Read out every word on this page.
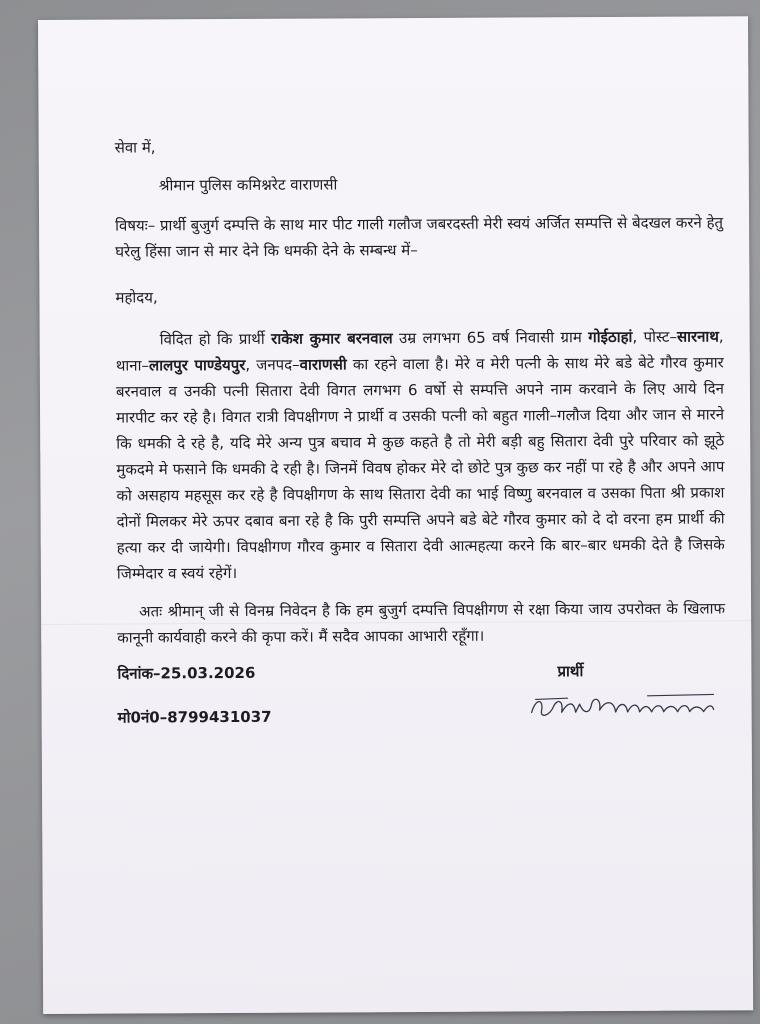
सेवा में,

श्रीमान पुलिस कमिश्नरेट वाराणसी

विषयः– प्रार्थी बुजुर्ग दम्पत्ति के साथ मार पीट गाली गलौज जबरदस्ती मेरी स्वयं अर्जित सम्पत्ति से बेदखल करने हेतु घरेलु हिंसा जान से मार देने कि धमकी देने के सम्बन्ध में–

महोदय,

विदित हो कि प्रार्थी राकेश कुमार बरनवाल उम्र लगभग 65 वर्ष निवासी ग्राम गोईठाहां, पोस्ट–सारनाथ, थाना–लालपुर पाण्डेयपुर, जनपद–वाराणसी का रहने वाला है। मेरे व मेरी पत्नी के साथ मेरे बडे बेटे गौरव कुमार बरनवाल व उनकी पत्नी सितारा देवी विगत लगभग 6 वर्षो से सम्पत्ति अपने नाम करवाने के लिए आये दिन मारपीट कर रहे है। विगत रात्री विपक्षीगण ने प्रार्थी व उसकी पत्नी को बहुत गाली–गलौज दिया और जान से मारने कि धमकी दे रहे है, यदि मेरे अन्य पुत्र बचाव मे कुछ कहते है तो मेरी बड़ी बहु सितारा देवी पुरे परिवार को झूठे मुकदमे मे फसाने कि धमकी दे रही है। जिनमें विवष होकर मेरे दो छोटे पुत्र कुछ कर नहीं पा रहे है और अपने आप को असहाय महसूस कर रहे है विपक्षीगण के साथ सितारा देवी का भाई विष्णु बरनवाल व उसका पिता श्री प्रकाश दोनों मिलकर मेरे ऊपर दबाव बना रहे है कि पुरी सम्पत्ति अपने बडे बेटे गौरव कुमार को दे दो वरना हम प्रार्थी की हत्या कर दी जायेगी। विपक्षीगण गौरव कुमार व सितारा देवी आत्महत्या करने कि बार–बार धमकी देते है जिसके जिम्मेदार व स्वयं रहेगें।

अतः श्रीमान् जी से विनम्र निवेदन है कि हम बुजुर्ग दम्पत्ति विपक्षीगण से रक्षा किया जाय उपरोक्त के खिलाफ कानूनी कार्यवाही करने की कृपा करें। मैं सदैव आपका आभारी रहूँगा।

दिनांक–25.03.2026	प्रार्थी
मो0नं0–8799431037
